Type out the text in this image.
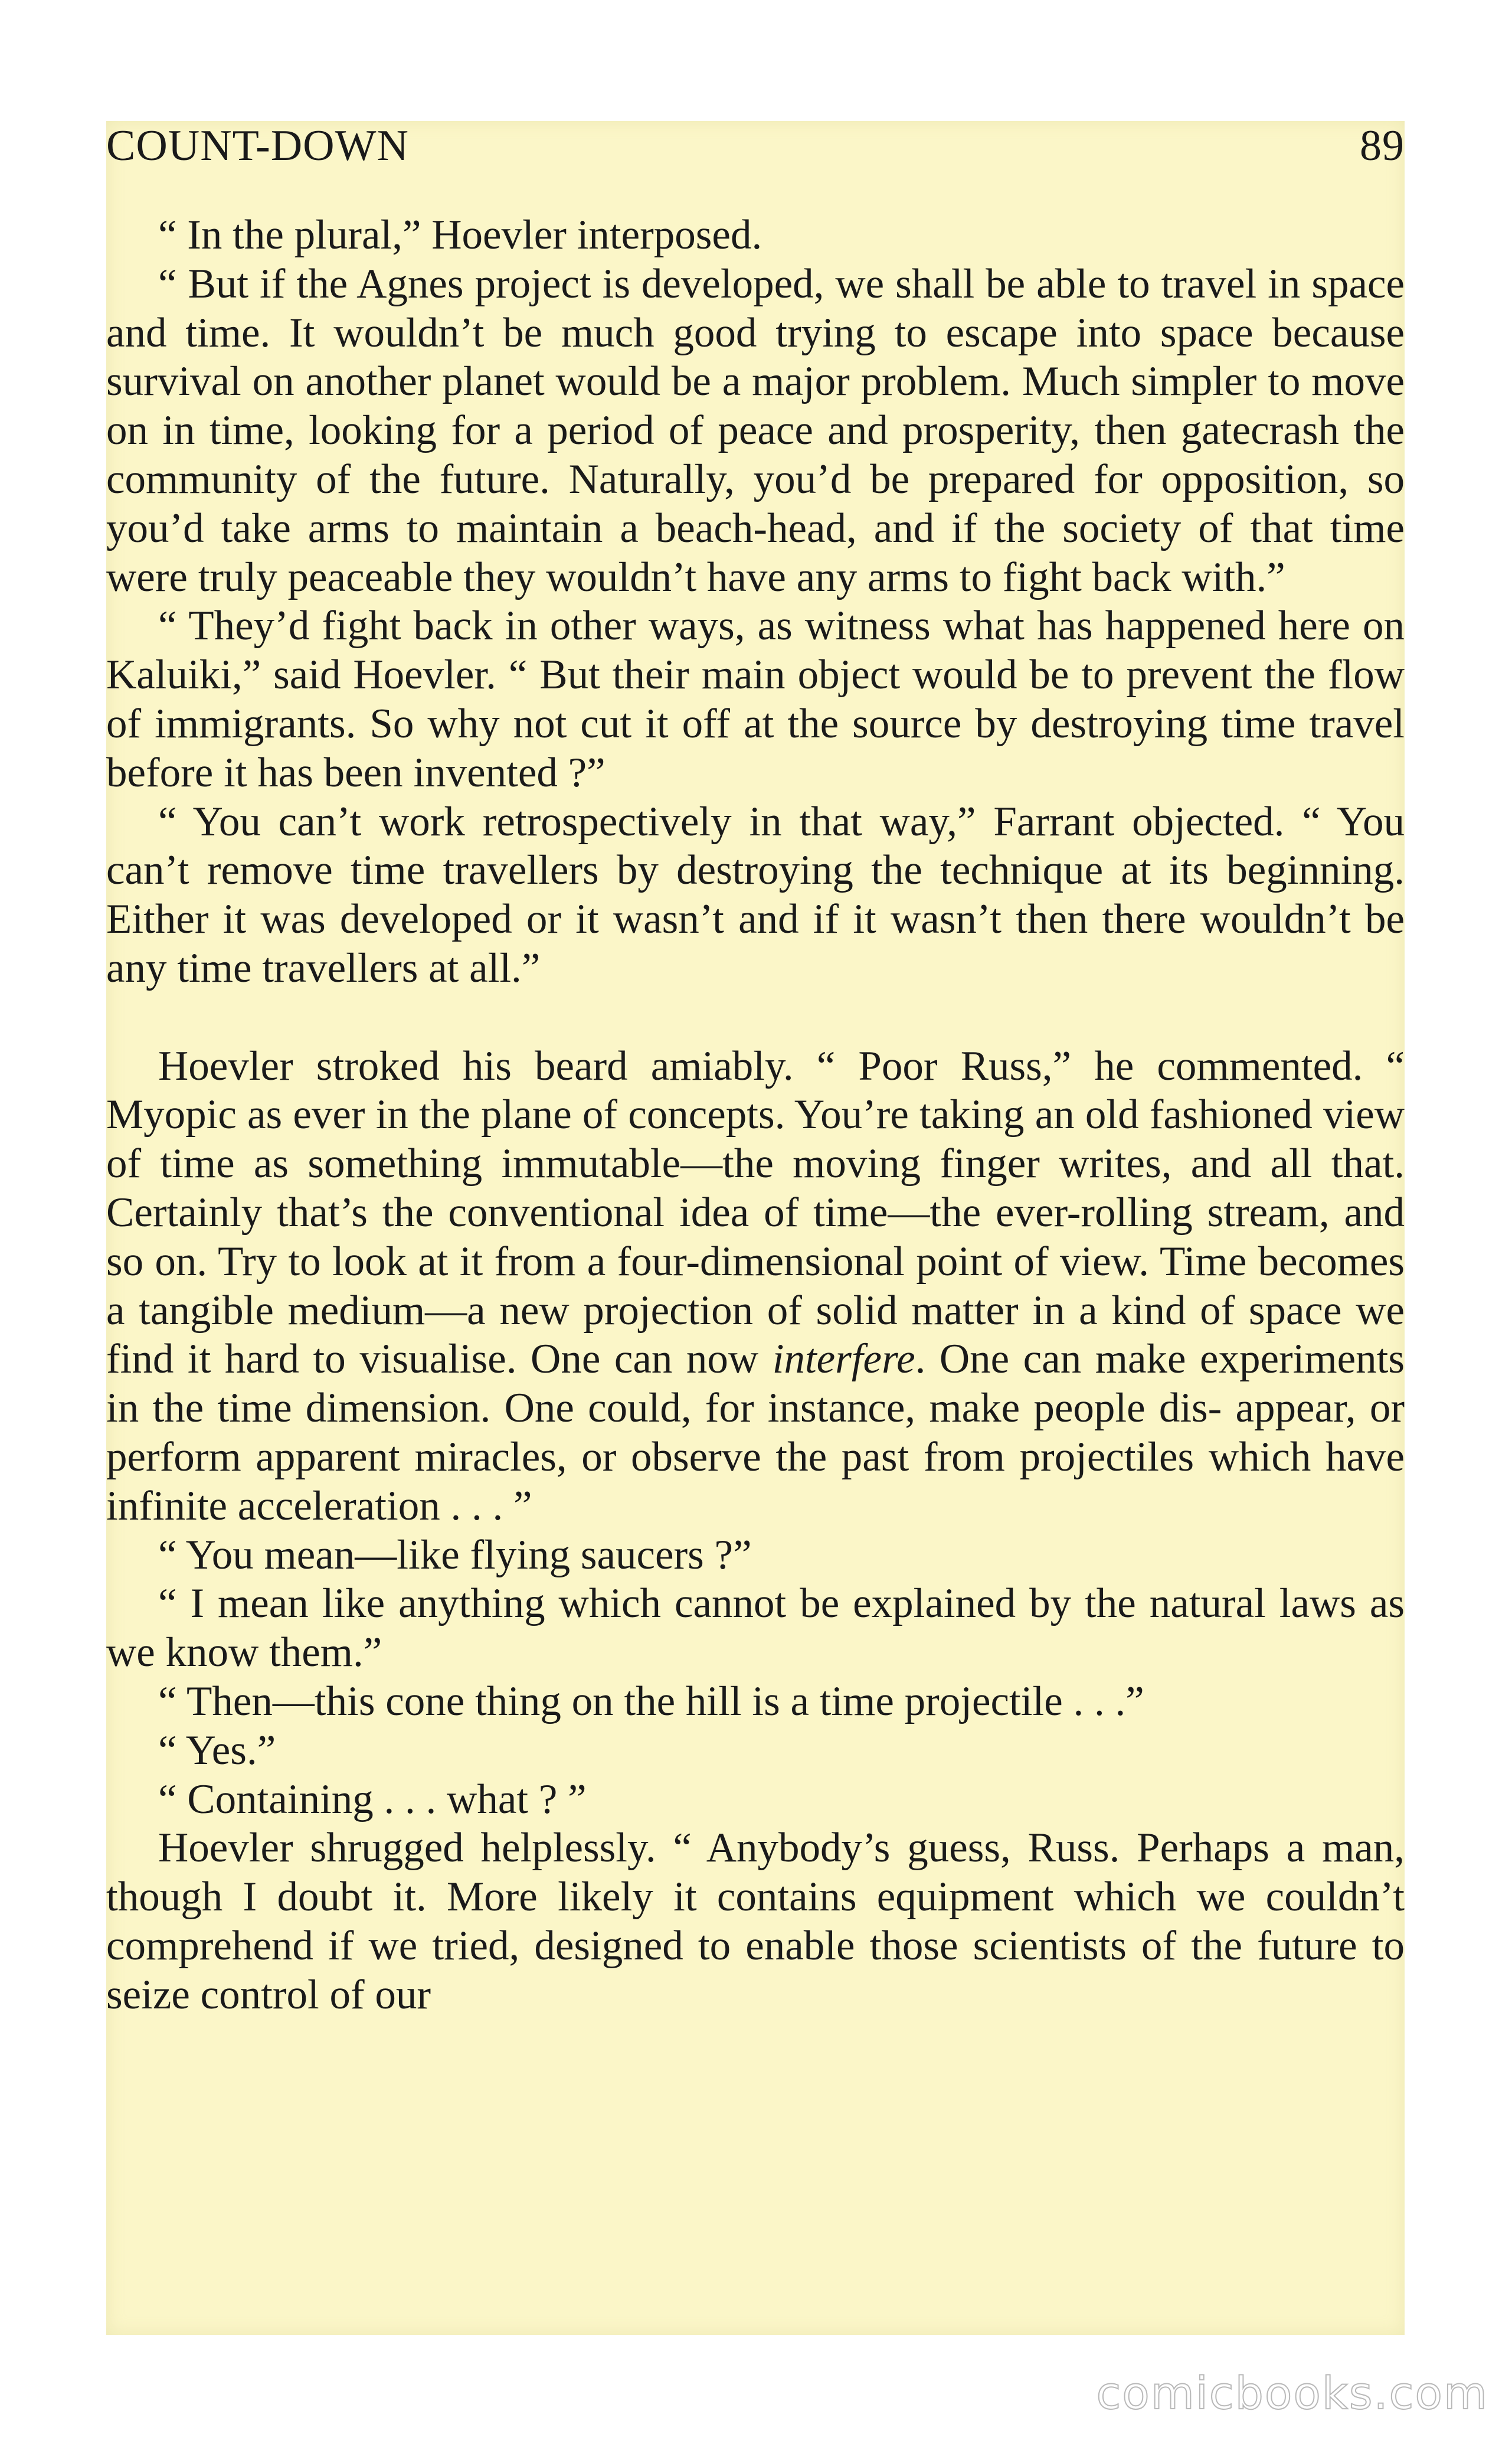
COUNT-DOWN	89

“ In the plural,” Hoevler interposed.

“ But if the Agnes project is developed, we shall be able to travel in space and time. It wouldn’t be much good trying to escape into space because survival on another planet would be a major problem. Much simpler to move on in time, looking for a period of peace and prosperity, then gatecrash the community of the future. Naturally, you’d be prepared for opposition, so you’d take arms to maintain a beach-head, and if the society of that time were truly peaceable they wouldn’t have any arms to fight back with.”

“ They’d fight back in other ways, as witness what has happened here on Kaluiki,” said Hoevler. “ But their main object would be to prevent the flow of immigrants. So why not cut it off at the source by destroying time travel before it has been invented ?”

“ You can’t work retrospectively in that way,” Farrant objected. “ You can’t remove time travellers by destroying the technique at its beginning. Either it was developed or it wasn’t and if it wasn’t then there wouldn’t be any time travellers at all.”

Hoevler stroked his beard amiably. “ Poor Russ,” he commented. “ Myopic as ever in the plane of concepts. You’re taking an old fashioned view of time as something immutable—the moving finger writes, and all that. Certainly that’s the conventional idea of time—the ever-rolling stream, and so on. Try to look at it from a four-dimensional point of view. Time becomes a tangible medium—a new projection of solid matter in a kind of space we find it hard to visualise. One can now interfere. One can make experiments in the time dimension. One could, for instance, make people dis- appear, or perform apparent miracles, or observe the past from projectiles which have infinite acceleration . . . ”

“ You mean—like flying saucers ?”

“ I mean like anything which cannot be explained by the natural laws as we know them.”

“ Then—this cone thing on the hill is a time projectile . . .”

“ Yes.”

“ Containing . . . what ? ”

Hoevler shrugged helplessly. “ Anybody’s guess, Russ. Perhaps a man, though I doubt it. More likely it contains equipment which we couldn’t comprehend if we tried, designed to enable those scientists of the future to seize control of our

comicbooks.com
